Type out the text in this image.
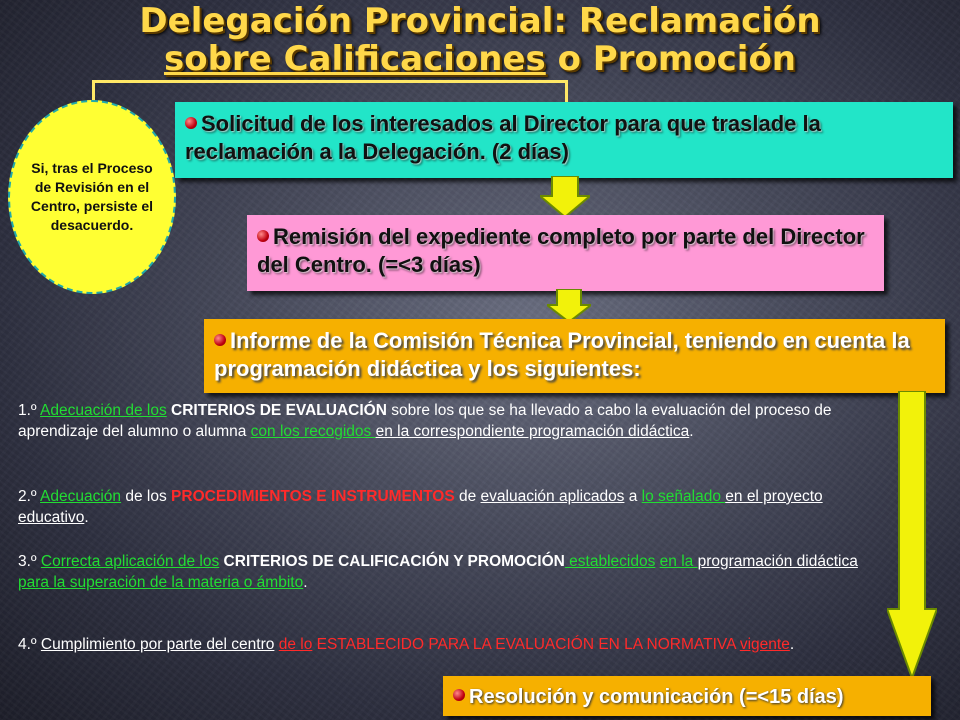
Delegación Provincial: Reclamación
sobre Calificaciones o Promoción
Si, tras el Proceso de Revisión en el Centro, persiste el desacuerdo.
Solicitud de los interesados al Director para que traslade la reclamación a la Delegación. (2 días)
Remisión del expediente completo por parte del Director del Centro. (=<3 días)
Informe de la Comisión Técnica Provincial, teniendo en cuenta la programación didáctica y los siguientes:
1.º Adecuación de los CRITERIOS DE EVALUACIÓN sobre los que se ha llevado a cabo la evaluación del proceso de aprendizaje del alumno o alumna con los recogidos en la correspondiente programación didáctica.
2.º Adecuación de los PROCEDIMIENTOS E INSTRUMENTOS de evaluación aplicados a lo señalado en el proyecto educativo.
3.º Correcta aplicación de los CRITERIOS DE CALIFICACIÓN Y PROMOCIÓN establecidos en la programación didáctica para la superación de la materia o ámbito.
4.º Cumplimiento por parte del centro de lo ESTABLECIDO PARA LA EVALUACIÓN EN LA NORMATIVA vigente.
Resolución y comunicación (=<15 días)
